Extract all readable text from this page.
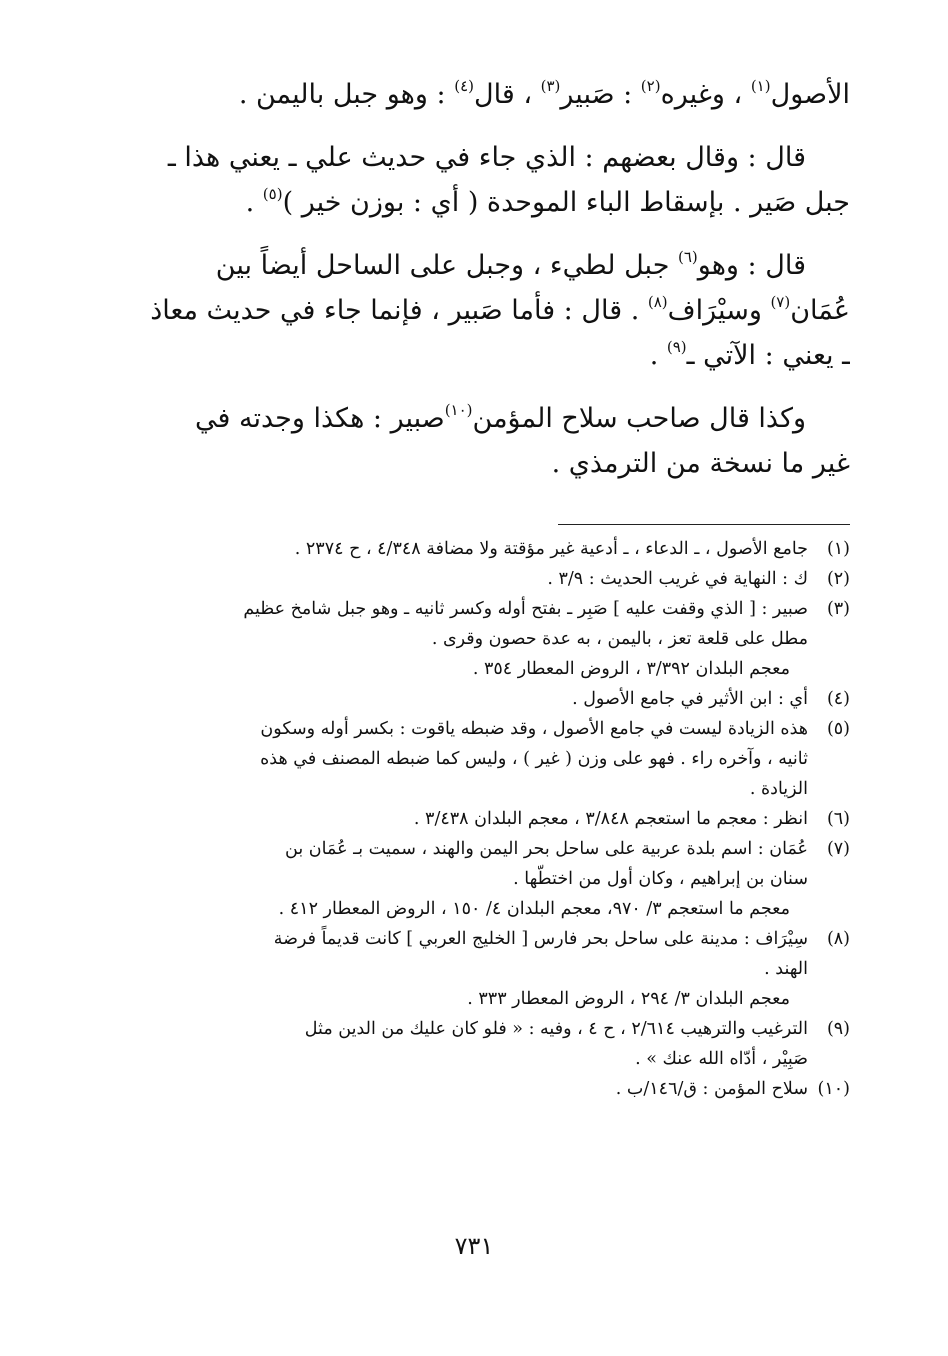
الأصول$^{(١)}$ ، وغيره$^{(٢)}$ : صَبير$^{(٣)}$ ، قال$^{(٤)}$ : وهو جبل باليمن .

قال : وقال بعضهم : الذي جاء في حديث علي ـ يعني هذا ـ
جبل صَير . بإسقاط الباء الموحدة ( أي : بوزن خير )$^{(٥)}$ .

قال : وهو$^{(٦)}$ جبل لطيء ، وجبل على الساحل أيضاً بين
عُمَان$^{(٧)}$ وسيْرَاف$^{(٨)}$ . قال : فأما صَبير ، فإنما جاء في حديث معاذ
ـ يعني : الآتي ـ$^{(٩)}$ .

وكذا قال صاحب سلاح المؤمن$^{(١٠)}$صبير : هكذا وجدته في
غير ما نسخة من الترمذي .

(١)
جامع الأصول ، ـ الدعاء ، ـ أدعية غير مؤقتة ولا مضافة ٤/٣٤٨ ، ح ٢٣٧٤ .
(٢)
ك : النهاية في غريب الحديث : ٣/٩ .
(٣)
صبير : [ الذي وقفت عليه ] صَبِر ـ بفتح أوله وكسر ثانيه ـ وهو جبل شامخ عظيم
مطل على قلعة تعز ، باليمن ، به عدة حصون وقرى .
معجم البلدان ٣/٣٩٢ ، الروض المعطار ٣٥٤ .
(٤)
أي : ابن الأثير في جامع الأصول .
(٥)
هذه الزيادة ليست في جامع الأصول ، وقد ضبطه ياقوت : بكسر أوله وسكون
ثانيه ، وآخره راء . فهو على وزن ( غير ) ، وليس كما ضبطه المصنف في هذه
الزيادة .
(٦)
انظر : معجم ما استعجم ٣/٨٤٨ ، معجم البلدان ٣/٤٣٨ .
(٧)
عُمَان : اسم بلدة عربية على ساحل بحر اليمن والهند ، سميت بـ عُمَان بن
سنان بن إبراهيم ، وكان أول من اختطّها .
معجم ما استعجم ٣/ ٩٧٠، معجم البلدان ٤/ ١٥٠ ، الروض المعطار ٤١٢ .
(٨)
سِيْرَاف : مدينة على ساحل بحر فارس [ الخليج العربي ] كانت قديماً فرضة
الهند .
معجم البلدان ٣/ ٢٩٤ ، الروض المعطار ٣٣٣ .
(٩)
الترغيب والترهيب ٢/٦١٤ ، ح ٤ ، وفيه : « فلو كان عليك من الدين مثل
صَبِيْر ، أدّاه الله عنك » .
(١٠)
سلاح المؤمن : ق/١٤٦/ب .
٧٣١
